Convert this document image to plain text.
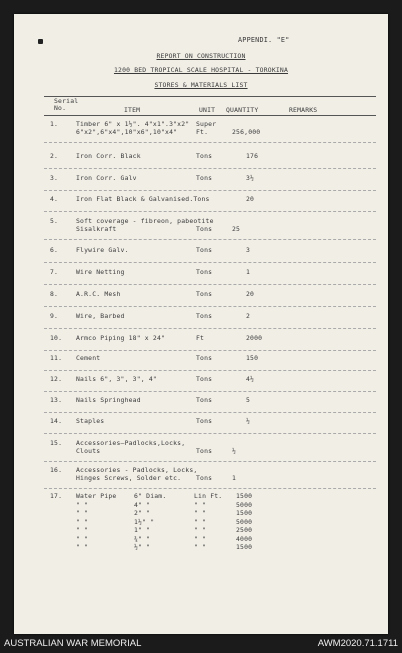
APPENDI. "E"
REPORT ON CONSTRUCTION
1200 BED TROPICAL SCALE HOSPITAL - TOROKINA
STORES & MATERIALS LIST
Serial No.	ITEM	UNIT QUANTITY	REMARKS
1.	Timber 6" x 1½". 4"x1".3"x2"
6"x2",6"x4",10"x6",10"x4"
Super
Ft.	256,000
2.	Iron Corr. Black	Tons	176
3.	Iron Corr. Galv	Tons	3½
4.	Iron Flat Black & Galvanised.Tons	20
5.	Soft coverage - fibreon, pabeotite
Sisalkraft	Tons	25
6.	Flywire Galv.	Tons	3
7.	Wire Netting	Tons	1
8.	A.R.C. Mesh	Tons	20
9.	Wire, Barbed	Tons	2
10. Armco Piping 18" x 24"	Ft	2000
11. Cement	Tons	150
12. Nails 6", 3", 3", 4"	Tons	4½
13. Nails Springhead	Tons	5
14. Staples	Tons	½
15. Accessories—Padlocks,Locks,
Clouts	Tons	½
16. Accessories - Padlocks, Locks,
Hinges Screws, Solder etc. Tons	1
17. Water Pipe	6" Diam.	Lin Ft. 1500
" "	4" "	" "	5000
" "	2" "	" "	1500
" "	1½" "	" "	5000
" "	1" "	" "	2500
" "	¾" "	" "	4000
" "	½" "	" "	1500
AUSTRALIAN WAR MEMORIAL	AWM2020.71.1711
